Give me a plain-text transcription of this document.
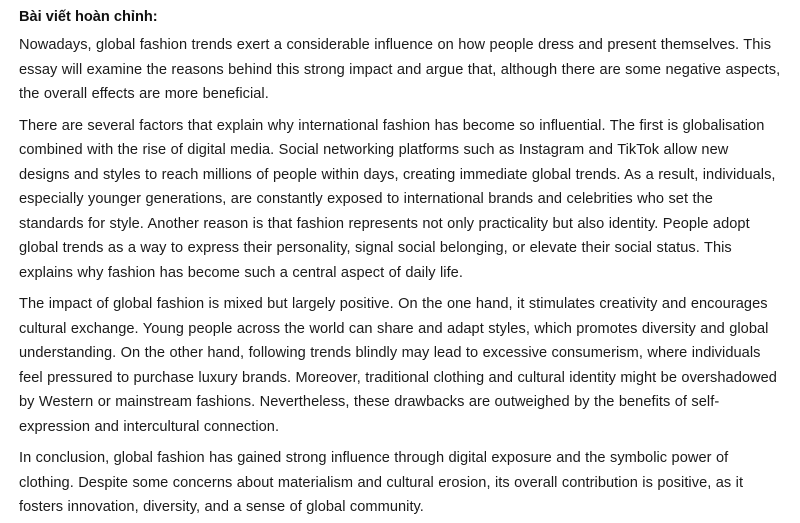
Bài viết hoàn chỉnh:

Nowadays, global fashion trends exert a considerable influence on how people dress and present themselves. This essay will examine the reasons behind this strong impact and argue that, although there are some negative aspects, the overall effects are more beneficial.

There are several factors that explain why international fashion has become so influential. The first is globalisation combined with the rise of digital media. Social networking platforms such as Instagram and TikTok allow new designs and styles to reach millions of people within days, creating immediate global trends. As a result, individuals, especially younger generations, are constantly exposed to international brands and celebrities who set the standards for style. Another reason is that fashion represents not only practicality but also identity. People adopt global trends as a way to express their personality, signal social belonging, or elevate their social status. This explains why fashion has become such a central aspect of daily life.

The impact of global fashion is mixed but largely positive. On the one hand, it stimulates creativity and encourages cultural exchange. Young people across the world can share and adapt styles, which promotes diversity and global understanding. On the other hand, following trends blindly may lead to excessive consumerism, where individuals feel pressured to purchase luxury brands. Moreover, traditional clothing and cultural identity might be overshadowed by Western or mainstream fashions. Nevertheless, these drawbacks are outweighed by the benefits of self-expression and intercultural connection.

In conclusion, global fashion has gained strong influence through digital exposure and the symbolic power of clothing. Despite some concerns about materialism and cultural erosion, its overall contribution is positive, as it fosters innovation, diversity, and a sense of global community.
